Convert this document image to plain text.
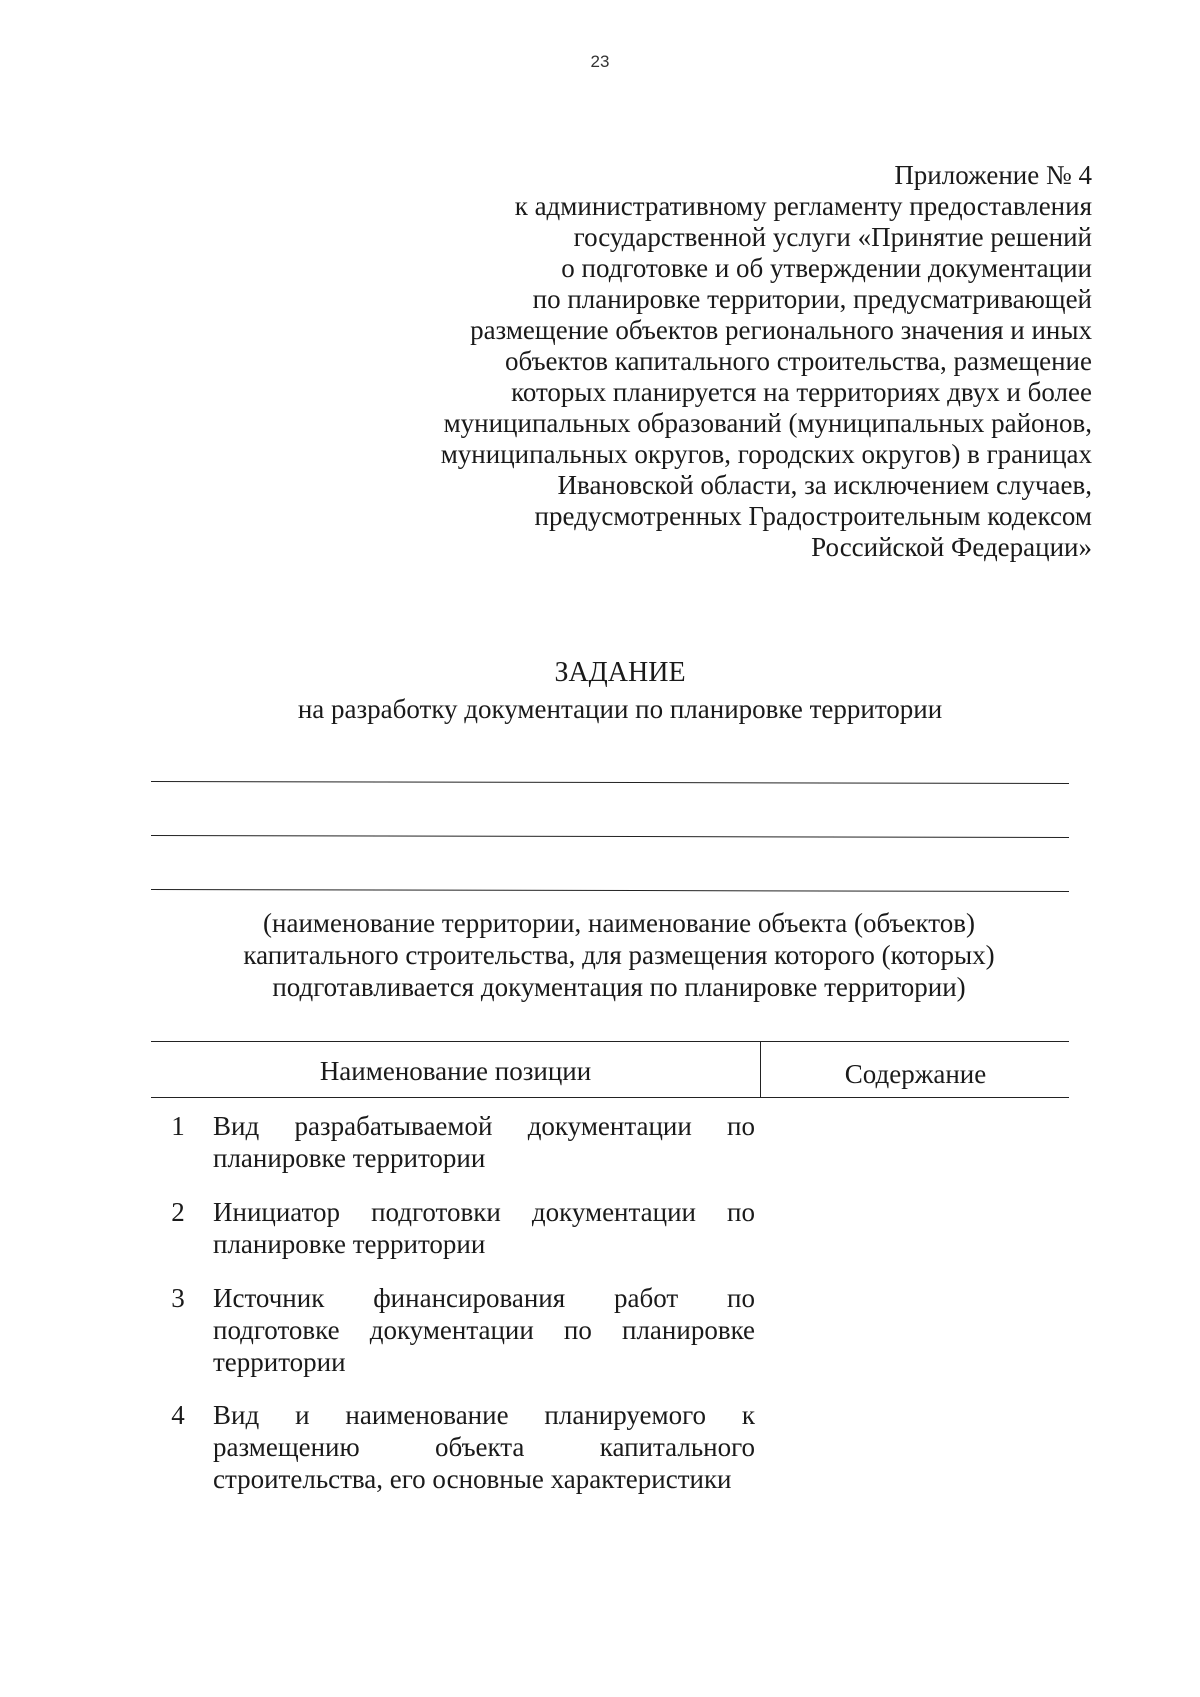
23
Приложение № 4
к административному регламенту предоставления
государственной услуги «Принятие решений
о подготовке и об утверждении документации
по планировке территории, предусматривающей
размещение объектов регионального значения и иных
объектов капитального строительства, размещение
которых планируется на территориях двух и более
муниципальных образований (муниципальных районов,
муниципальных округов, городских округов) в границах
Ивановской области, за исключением случаев,
предусмотренных Градостроительным кодексом
Российской Федерации»
ЗАДАНИЕ
на разработку документации по планировке территории
(наименование территории, наименование объекта (объектов)
капитального строительства, для размещения которого (которых)
подготавливается документация по планировке территории)
Наименование позиции	Содержание
1 Вид разрабатываемой документации по
планировке территории
2 Инициатор подготовки документации по
планировке территории
3 Источник финансирования работ по
подготовке документации по планировке
территории
4 Вид и наименование планируемого к
размещению объекта капитального
строительства, его основные характеристики
